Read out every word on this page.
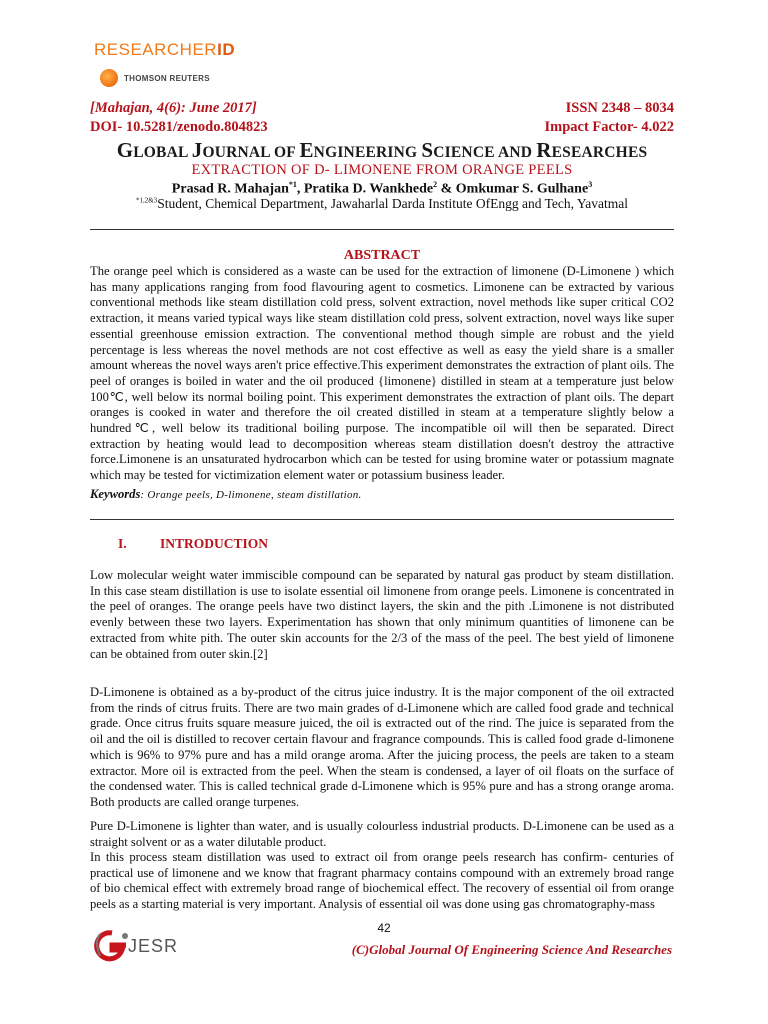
RESEARCHERID
THOMSON REUTERS
[Mahajan, 4(6): June 2017]	ISSN 2348 – 8034
DOI- 10.5281/zenodo.804823	Impact Factor- 4.022
GLOBAL JOURNAL OF ENGINEERING SCIENCE AND RESEARCHES
EXTRACTION OF D- LIMONENE FROM ORANGE PEELS
Prasad R. Mahajan$^{*1}$, Pratika D. Wankhede$^2$ & Omkumar S. Gulhane$^3$
$^{*1,2\&3}$Student, Chemical Department, Jawaharlal Darda Institute OfEngg and Tech, Yavatmal
ABSTRACT
The orange peel which is considered as a waste can be used for the extraction of limonene (D-Limonene ) which has many applications ranging from food flavouring agent to cosmetics. Limonene can be extracted by various conventional methods like steam distillation cold press, solvent extraction, novel methods like super critical CO2 extraction, it means varied typical ways like steam distillation cold press, solvent extraction, novel ways like super essential greenhouse emission extraction. The conventional method though simple are robust and the yield percentage is less whereas the novel methods are not cost effective as well as easy the yield share is a smaller amount whereas the novel ways aren't price effective.This experiment demonstrates the extraction of plant oils. The peel of oranges is boiled in water and the oil produced {limonene} distilled in steam at a temperature just below 100℃, well below its normal boiling point. This experiment demonstrates the extraction of plant oils. The depart oranges is cooked in water and therefore the oil created distilled in steam at a temperature slightly below a hundred℃, well below its traditional boiling purpose. The incompatible oil will then be separated. Direct extraction by heating would lead to decomposition whereas steam distillation doesn't destroy the attractive force.Limonene is an unsaturated hydrocarbon which can be tested for using bromine water or potassium magnate which may be tested for victimization element water or potassium business leader.
Keywords: Orange peels, D-limonene, steam distillation.
I.	INTRODUCTION
Low molecular weight water immiscible compound can be separated by natural gas product by steam distillation. In this case steam distillation is use to isolate essential oil limonene from orange peels. Limonene is concentrated in the peel of oranges. The orange peels have two distinct layers, the skin and the pith .Limonene is not distributed evenly between these two layers. Experimentation has shown that only minimum quantities of limonene can be extracted from white pith. The outer skin accounts for the 2/3 of the mass of the peel. The best yield of limonene can be obtained from outer skin.[2]
D-Limonene is obtained as a by-product of the citrus juice industry. It is the major component of the oil extracted from the rinds of citrus fruits. There are two main grades of d-Limonene which are called food grade and technical grade. Once citrus fruits square measure juiced, the oil is extracted out of the rind. The juice is separated from the oil and the oil is distilled to recover certain flavour and fragrance compounds. This is called food grade d-limonene which is 96% to 97% pure and has a mild orange aroma. After the juicing process, the peels are taken to a steam extractor. More oil is extracted from the peel. When the steam is condensed, a layer of oil floats on the surface of the condensed water. This is called technical grade d-Limonene which is 95% pure and has a strong orange aroma. Both products are called orange turpenes.
Pure D-Limonene is lighter than water, and is usually colourless industrial products. D-Limonene can be used as a straight solvent or as a water dilutable product.
In this process steam distillation was used to extract oil from orange peels research has confirm- centuries of practical use of limonene and we know that fragrant pharmacy contains compound with an extremely broad range of bio chemical effect with extremely broad range of biochemical effect. The recovery of essential oil from orange peels as a starting material is very important. Analysis of essential oil was done using gas chromatography-mass
42
JESR	(C)Global Journal Of Engineering Science And Researches
